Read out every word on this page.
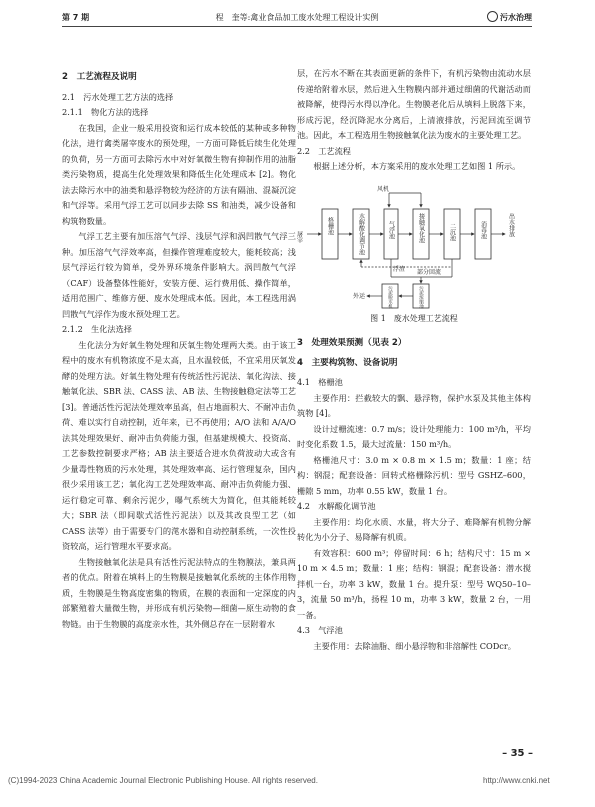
第 7 期	程　奎等:禽业食品加工废水处理工程设计实例	污水治理
2　工艺流程及说明
2.1　污水处理工艺方法的选择
2.1.1　物化方法的选择

在我国，企业一般采用投资和运行成本较低的某种或多种物化法，进行禽类屠宰废水的预处理，一方面可降低后续生化处理的负荷，另一方面可去除污水中对好氧微生物有抑制作用的油脂类污染物质，提高生化处理效果和降低生化处理成本 [2]。物化法去除污水中的油类和悬浮物较为经济的方法有隔油、混凝沉淀和气浮等。采用气浮工艺可以同步去除 SS 和油类，减少设备和构筑物数量。

气浮工艺主要有加压溶气气浮、浅层气浮和涡凹散气气浮三种。加压溶气气浮效率高，但操作管理难度较大，能耗较高；浅层气浮运行较为简单，受外界环境条件影响大。涡凹散气气浮（CAF）设备整体性能好，安装方便、运行费用低、操作简单，适用范围广、维修方便、废水处理成本低。因此，本工程选用涡凹散气气浮作为废水预处理工艺。

2.1.2　生化法选择

生化法分为好氧生物处理和厌氧生物处理两大类。由于该工程中的废水有机物浓度不是太高，且水温较低，不宜采用厌氧发酵的处理方法。好氧生物处理有传统活性污泥法、氧化沟法、接触氧化法、SBR 法、CASS 法、AB 法、生物接触稳定法等工艺 [3]。普通活性污泥法处理效率虽高，但占地面积大、不耐冲击负荷、难以实行自动控制，近年来，已不再使用；A/O 法和 A/A/O 法其处理效果好、耐冲击负荷能力强，但基建规模大、投资高、工艺参数控制要求严格；AB 法主要适合进水负荷波动大或含有少量毒性物质的污水处理，其处理效率高、运行管理复杂，国内很少采用该工艺；氧化沟工艺处理效率高、耐冲击负荷能力强、运行稳定可靠、剩余污泥少，曝气系统大为简化，但其能耗较大；SBR 法（即间歇式活性污泥法）以及其改良型工艺（如 CASS 法等）由于需要专门的滗水器和自动控制系统，一次性投资较高，运行管理水平要求高。

生物接触氧化法是具有活性污泥法特点的生物膜法，兼具两者的优点。附着在填料上的生物膜是接触氧化系统的主体作用物质，生物膜是生物高度密集的物质，在膜的表面和一定深度的内部繁殖着大量微生物，并形成有机污染物—细菌—原生动物的食物链。由于生物膜的高度亲水性，其外侧总存在一层附着水

层，在污水不断在其表面更新的条件下，有机污染物由流动水层传递给附着水层，然后进入生物膜内部并通过细菌的代谢活动而被降解，使得污水得以净化。生物膜老化后从填料上脱落下来，形成污泥，经沉降泥水分离后，上清液排放，污泥回流至调节池。因此，本工程选用生物接触氧化法为废水的主要处理工艺。

2.2　工艺流程

根据上述分析，本方案采用的废水处理工艺如图 1 所示。

风机
屠宰
格栅池	水解酸化调节池	气浮池	接触氧化池	二沉池	消毒池	出水排放
浮渣 部分回流
污泥浓缩池
污泥脱水机
外运
图 1　废水处理工艺流程
3　处理效果预测（见表 2）
4　主要构筑物、设备说明
4.1　格栅池

主要作用：拦截较大的飘、悬浮物，保护水泵及其他主体构筑物 [4]。

设计过栅流速：0.7 m/s；设计处理能力：100 m³/h，平均时变化系数 1.5，最大过流量：150 m³/h。

格栅池尺寸：3.0 m × 0.8 m × 1.5 m；数量：1 座；结构：钢混；配套设备：回转式格栅除污机：型号 GSHZ–600，栅隙 5 mm，功率 0.55 kW，数量 1 台。

4.2　水解酸化调节池

主要作用：均化水质、水量，将大分子、难降解有机物分解转化为小分子、易降解有机质。

有效容积：600 m³；停留时间：6 h；结构尺寸：15 m × 10 m × 4.5 m；数量：1 座；结构：钢混；配套设备：潜水搅拌机一台，功率 3 kW，数量 1 台。提升泵：型号 WQ50–10–3，流量 50 m³/h，扬程 10 m，功率 3 kW，数量 2 台，一用一备。

4.3　气浮池

主要作用：去除油脂、细小悬浮物和非溶解性 CODcr。

– 35 –
(C)1994-2023 China Academic Journal Electronic Publishing House. All rights reserved.	http://www.cnki.net
